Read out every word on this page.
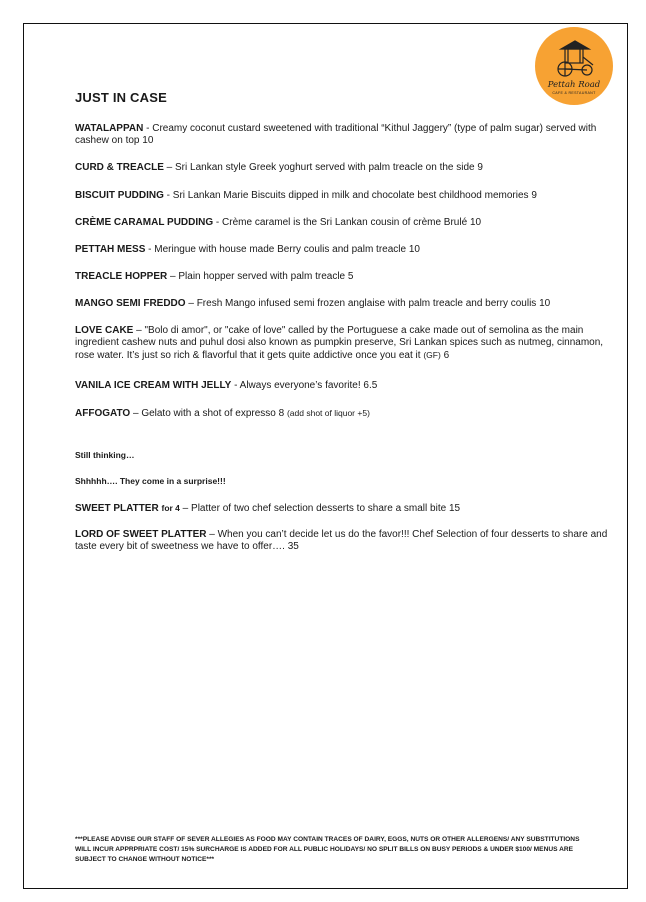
Pettah Road
CAFE & RESTAURANT
JUST IN CASE
WATALAPPAN - Creamy coconut custard sweetened with traditional “Kithul Jaggery” (type of palm sugar) served with cashew on top 10
CURD & TREACLE – Sri Lankan style Greek yoghurt served with palm treacle on the side 9
BISCUIT PUDDING - Sri Lankan Marie Biscuits dipped in milk and chocolate best childhood memories 9
CRÈME CARAMAL PUDDING - Crème caramel is the Sri Lankan cousin of crème Brulé 10
PETTAH MESS - Meringue with house made Berry coulis and palm treacle 10
TREACLE HOPPER – Plain hopper served with palm treacle 5
MANGO SEMI FREDDO – Fresh Mango infused semi frozen anglaise with palm treacle and berry coulis 10
LOVE CAKE – "Bolo di amor", or "cake of love" called by the Portuguese a cake made out of semolina as the main ingredient cashew nuts and puhul dosi also known as pumpkin preserve, Sri Lankan spices such as nutmeg, cinnamon, rose water. It’s just so rich & flavorful that it gets quite addictive once you eat it (GF) 6
VANILA ICE CREAM WITH JELLY - Always everyone’s favorite! 6.5
AFFOGATO – Gelato with a shot of expresso 8 (add shot of liquor +5)
Still thinking…
Shhhhh…. They come in a surprise!!!
SWEET PLATTER for 4 – Platter of two chef selection desserts to share a small bite 15
LORD OF SWEET PLATTER – When you can’t decide let us do the favor!!! Chef Selection of four desserts to share and taste every bit of sweetness we have to offer…. 35
***PLEASE ADVISE OUR STAFF OF SEVER ALLEGIES AS FOOD MAY CONTAIN TRACES OF DAIRY, EGGS, NUTS OR OTHER ALLERGENS/ ANY SUBSTITUTIONS WILL INCUR APPRPRIATE COST/ 15% SURCHARGE IS ADDED FOR ALL PUBLIC HOLIDAYS/ NO SPLIT BILLS ON BUSY PERIODS & UNDER $100/ MENUS ARE SUBJECT TO CHANGE WITHOUT NOTICE***
